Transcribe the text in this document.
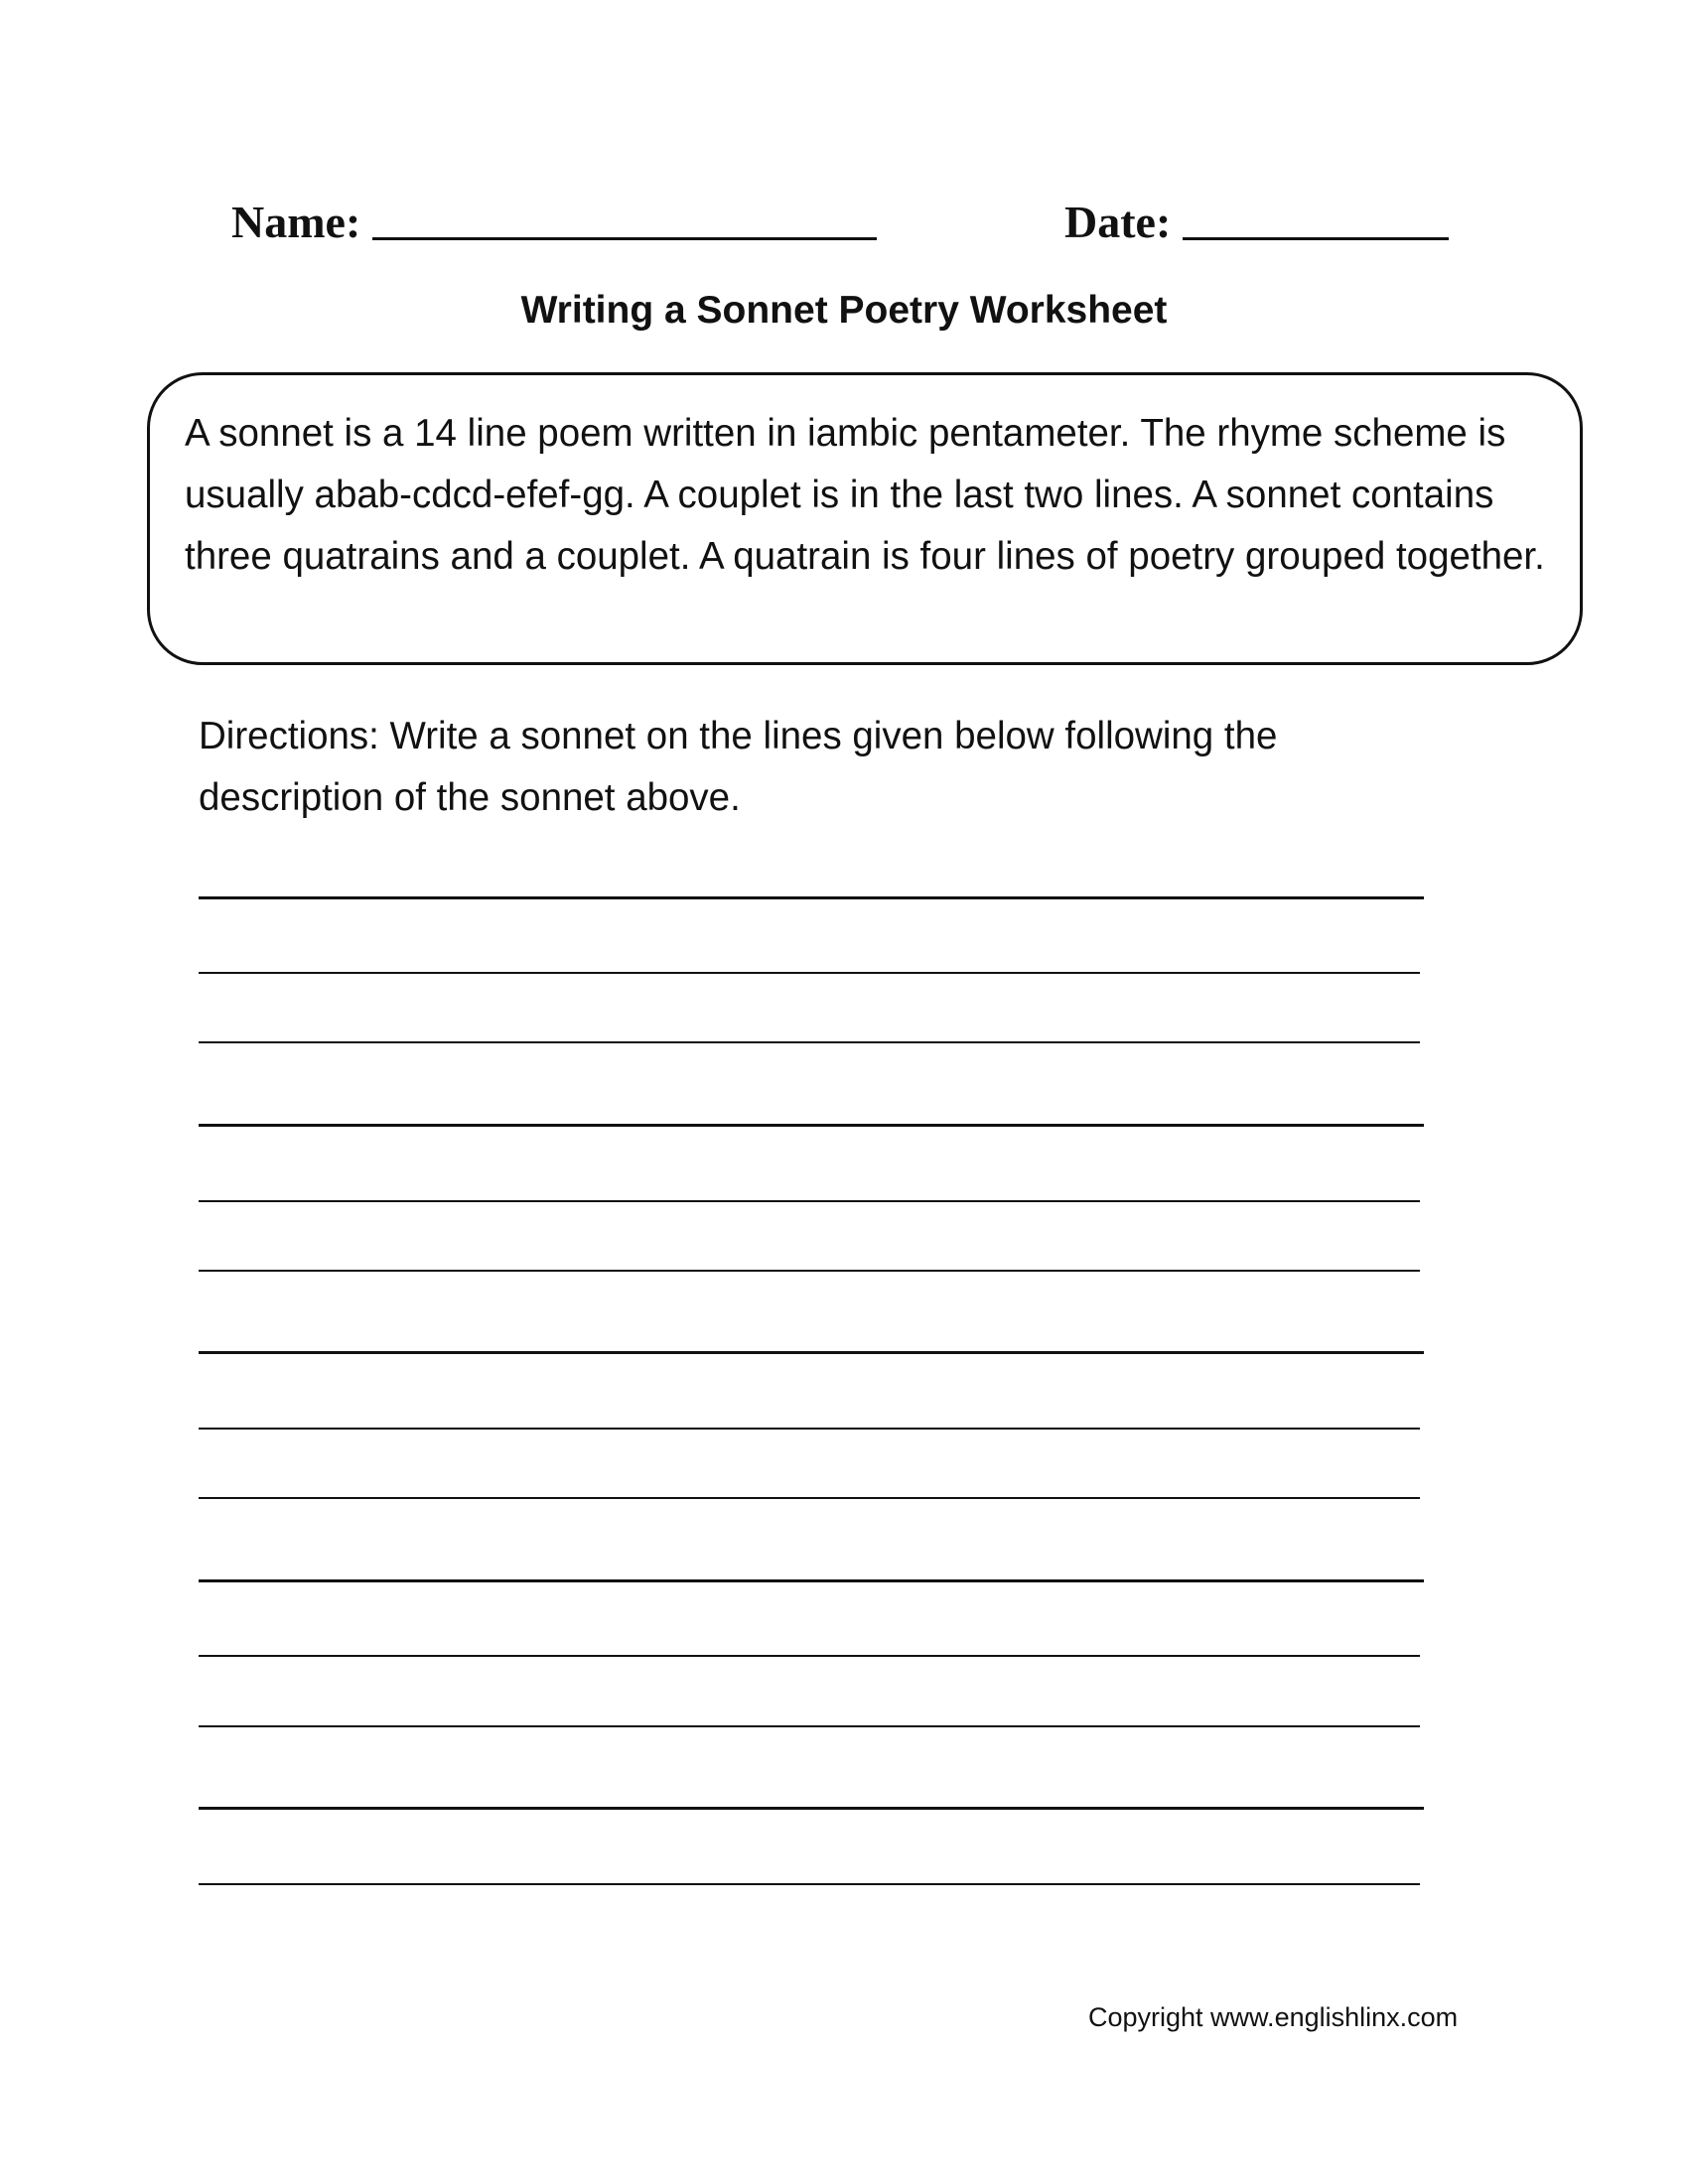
Name:	Date:
Writing a Sonnet Poetry Worksheet

A sonnet is a 14 line poem written in iambic pentameter. The rhyme scheme is usually abab-cdcd-efef-gg. A couplet is in the last two lines. A sonnet contains three quatrains and a couplet. A quatrain is four lines of poetry grouped together.

Directions: Write a sonnet on the lines given below following the description of the sonnet above.

Copyright www.englishlinx.com
